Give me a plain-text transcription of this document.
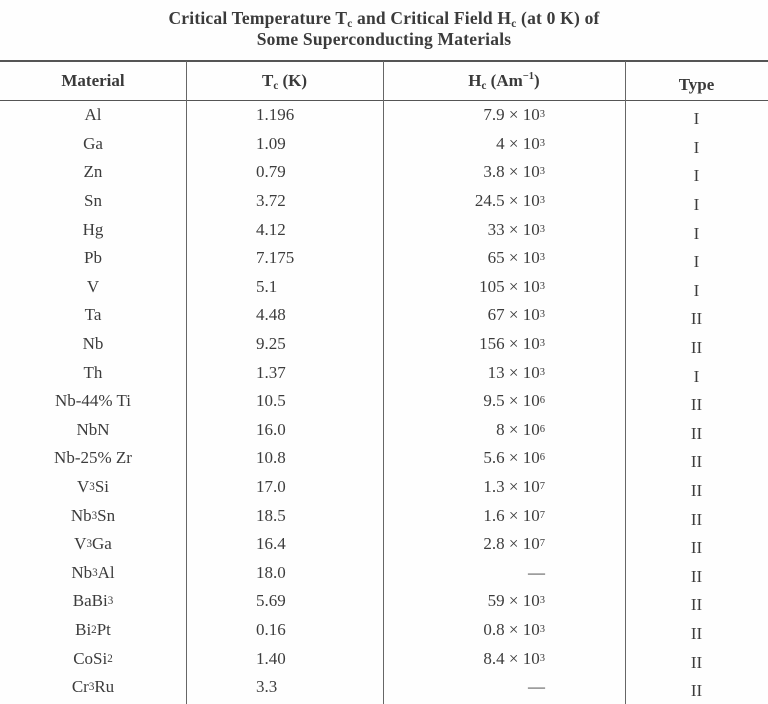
Critical Temperature $T_c$ and Critical Field $H_c$ (at 0 K) of
Some Superconducting Materials
Material	$T_c$ (K)	$H_c$ $(Am^{-1})$	Type
Al	1.196	7.9 × 10 3	I
Ga	1.09	4 × 10 3	I
Zn	0.79	3.8 × 10 3	I
Sn	3.72	24.5 × 10 3	I
Hg	4.12	33 × 10 3	I
Pb	7.175	65 × 10 3	I
V	5.1	105 × 10 3	I
Ta	4.48	67 × 10 3	II
Nb	9.25	156 × 10 3	II
Th	1.37	13 × 10 3	I
Nb-44% Ti	10.5	9.5 × 10 6	II
NbN	16.0	8 × 10 6	II
Nb-25% Zr	10.8	5.6 × 10 6	II
V 3 Si	17.0	1.3 × 10 7	II
Nb 3 Sn	18.5	1.6 × 10 7	II
V 3 Ga	16.4	2.8 × 10 7	II
Nb 3 Al	18.0	—	II
BaBi 3	5.69	59 × 10 3	II
Bi 2 Pt	0.16	0.8 × 10 3	II
CoSi 2	1.40	8.4 × 10 3	II
Cr 3 Ru	3.3	—	II
